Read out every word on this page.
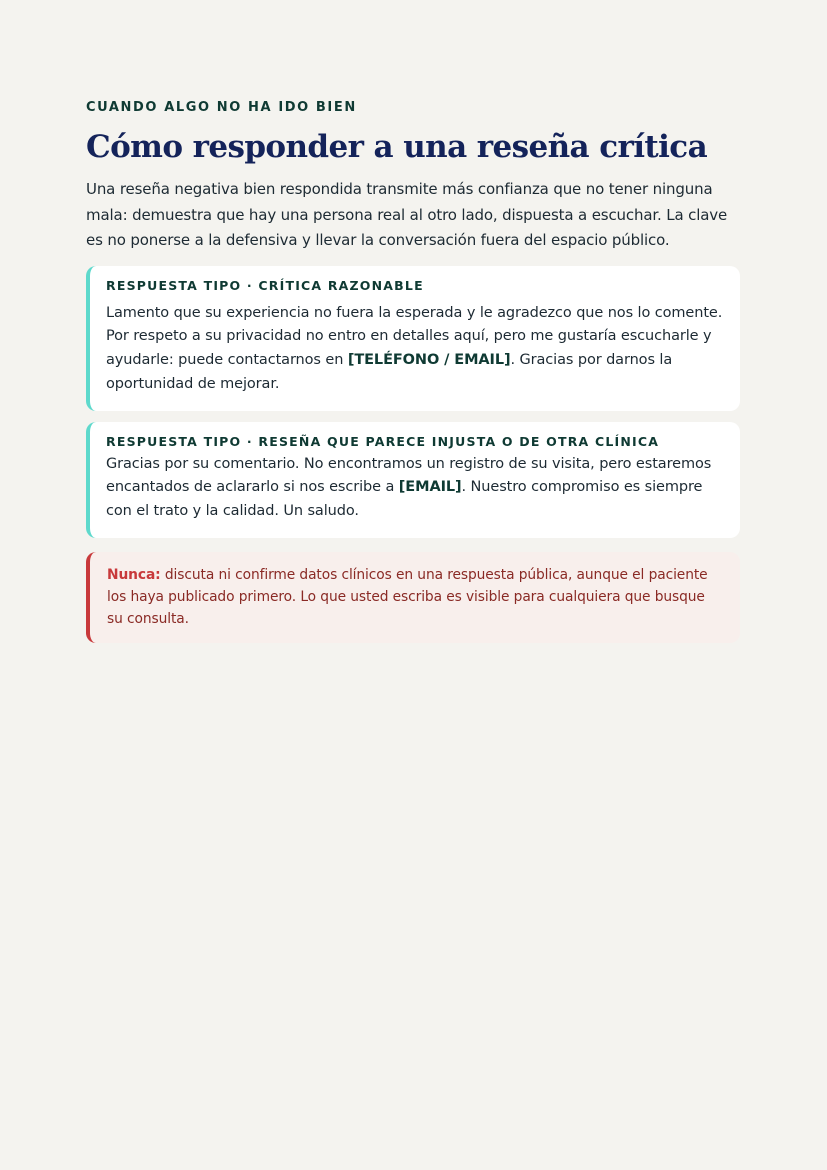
CUANDO ALGO NO HA IDO BIEN

Cómo responder a una reseña crítica

Una reseña negativa bien respondida transmite más confianza que no tener ninguna mala: demuestra que hay una persona real al otro lado, dispuesta a escuchar. La clave es no ponerse a la defensiva y llevar la conversación fuera del espacio público.

RESPUESTA TIPO · CRÍTICA RAZONABLE

Lamento que su experiencia no fuera la esperada y le agradezco que nos lo comente. Por respeto a su privacidad no entro en detalles aquí, pero me gustaría escucharle y ayudarle: puede contactarnos en [TELÉFONO / EMAIL]. Gracias por darnos la oportunidad de mejorar.

RESPUESTA TIPO · RESEÑA QUE PARECE INJUSTA O DE OTRA CLÍNICA

Gracias por su comentario. No encontramos un registro de su visita, pero estaremos encantados de aclararlo si nos escribe a [EMAIL]. Nuestro compromiso es siempre con el trato y la calidad. Un saludo.

Nunca: discuta ni confirme datos clínicos en una respuesta pública, aunque el paciente los haya publicado primero. Lo que usted escriba es visible para cualquiera que busque su consulta.
